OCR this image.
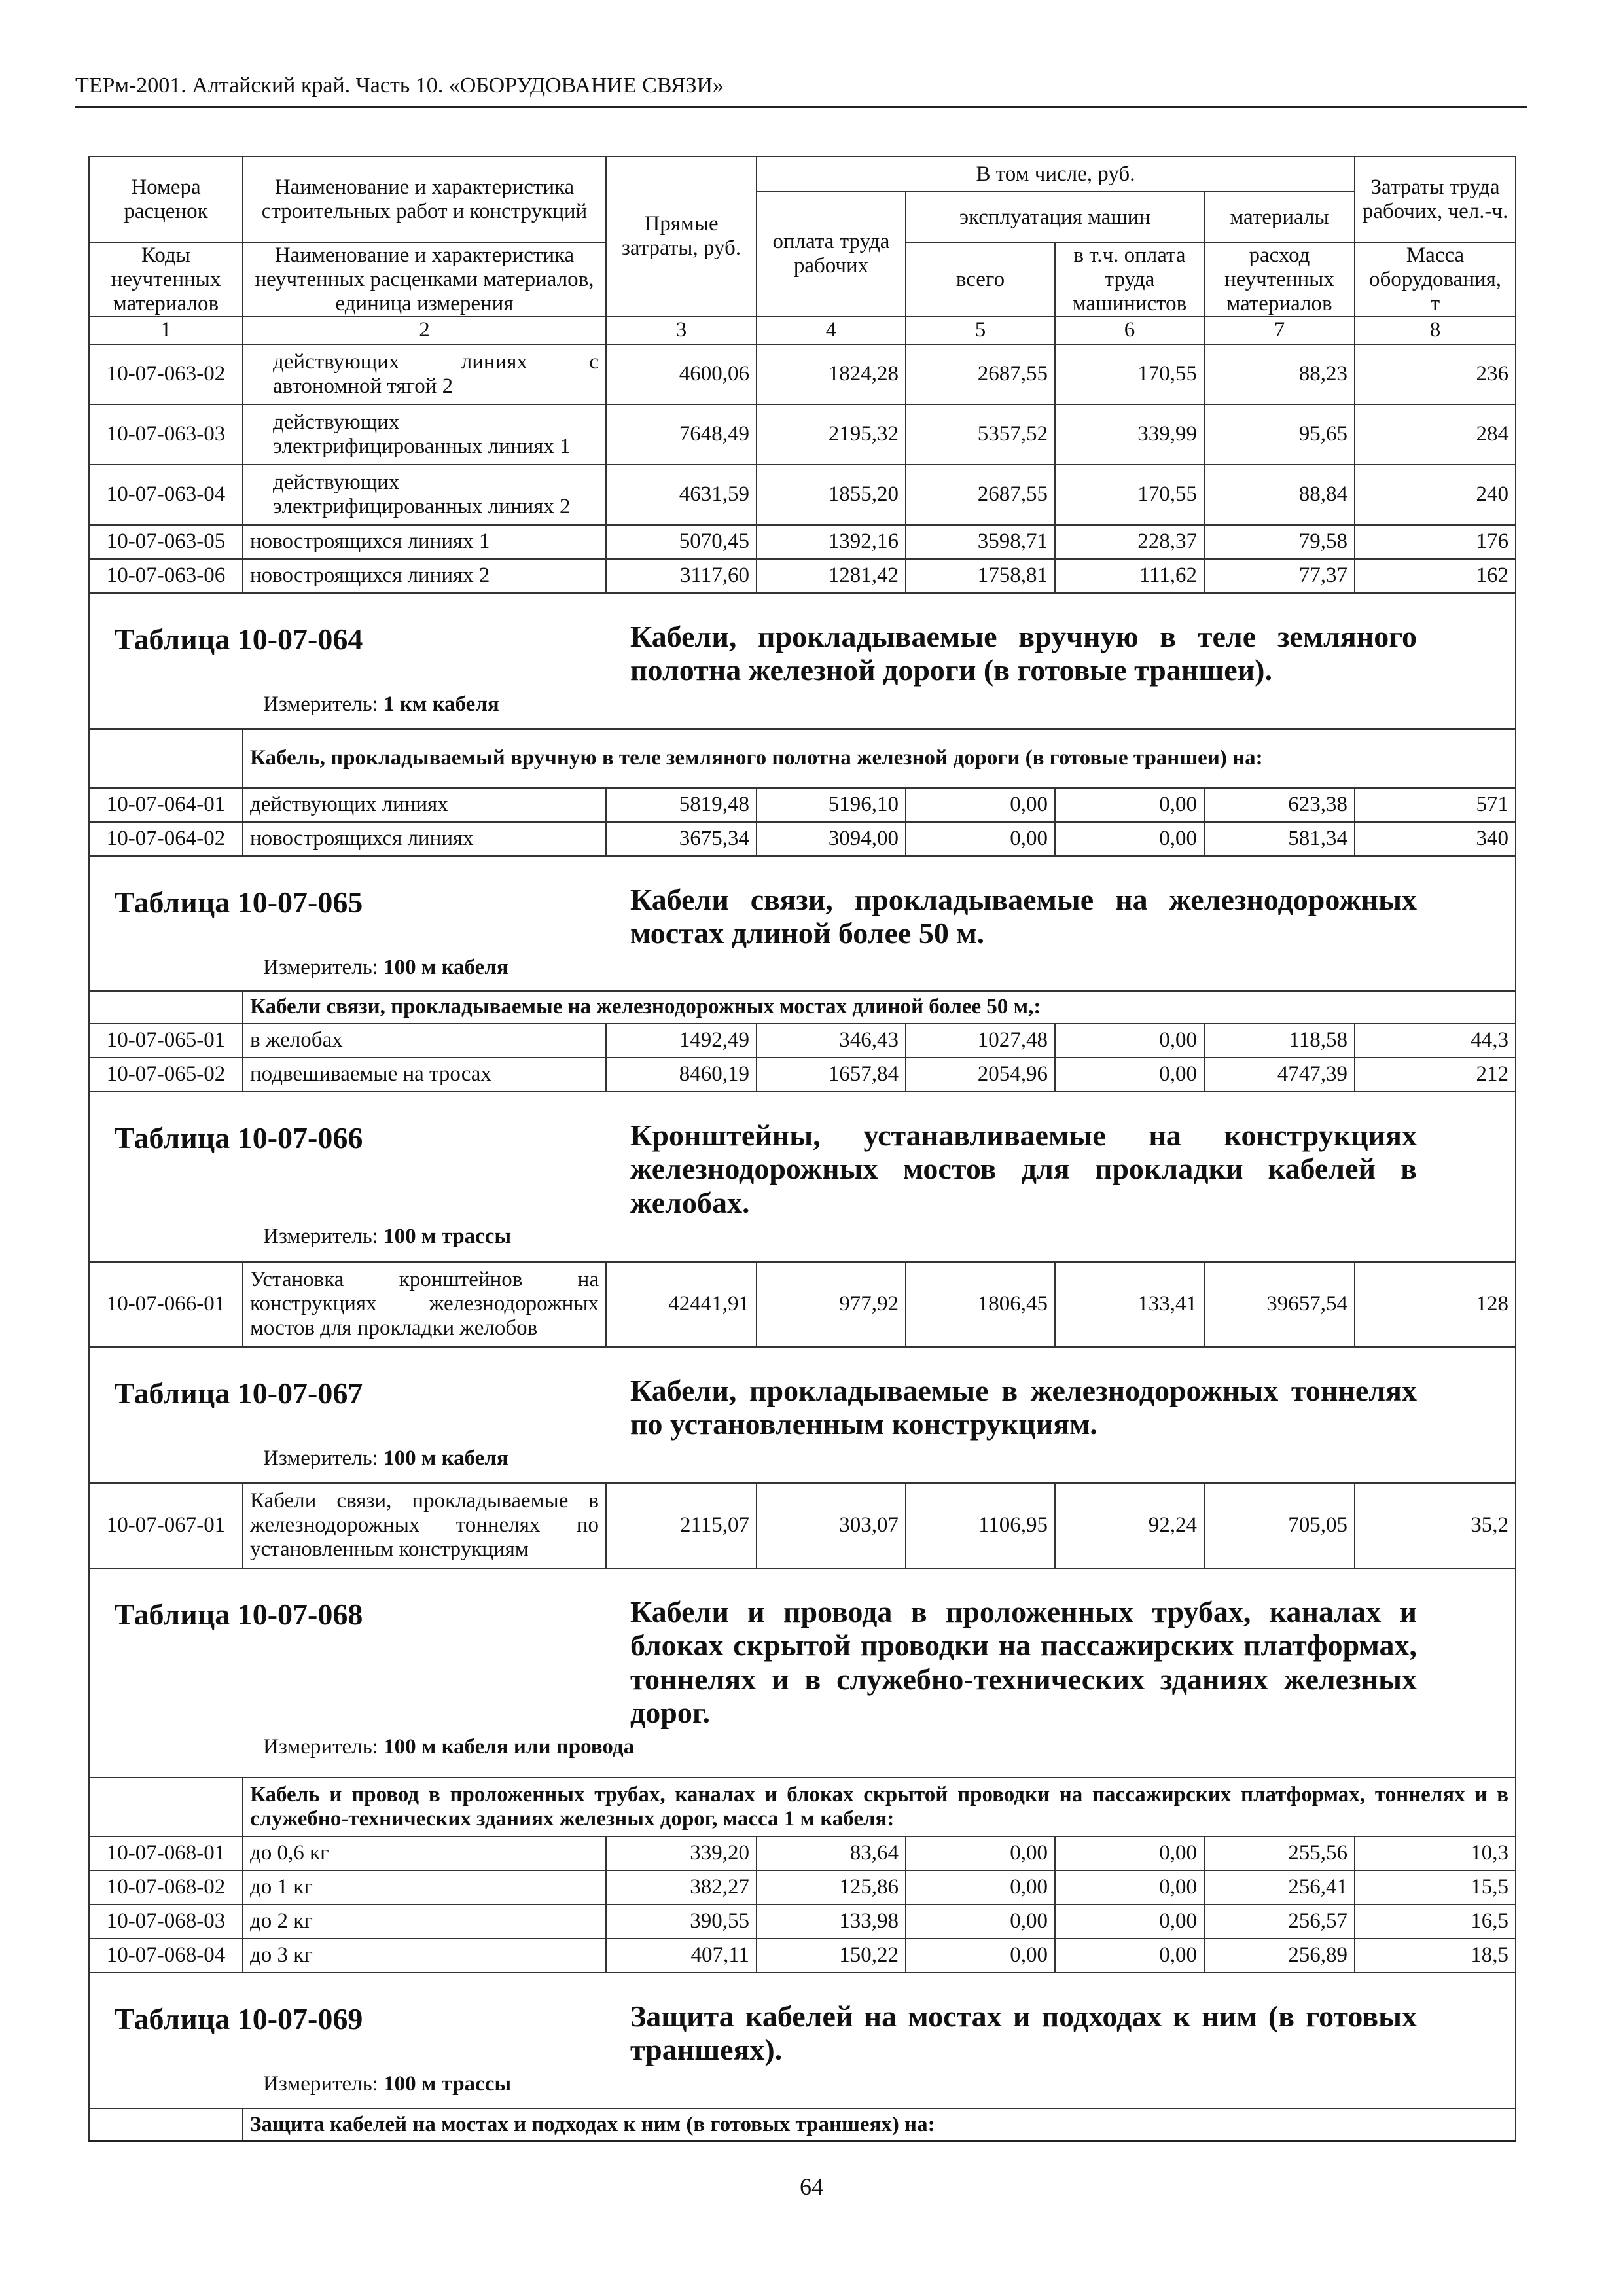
ТЕРм-2001. Алтайский край. Часть 10. «ОБОРУДОВАНИЕ СВЯЗИ»
Номера расценок	Наименование и характеристика строительных работ и конструкций	Прямые затраты, руб.	В том числе, руб.				Затраты труда рабочих, чел.-ч.
			оплата труда рабочих	эксплуатация машин		материалы	
Коды неучтенных материалов	Наименование и характеристика неучтенных расценками материалов, единица измерения			всего	в т.ч. оплата труда машинистов	расход неучтенных материалов	Масса оборудования, т
1	2	3	4	5	6	7	8
10-07-063-02	действующих линиях с автономной тягой 2	4600,06	1824,28	2687,55	170,55	88,23	236
10-07-063-03	действующих электрифицированных линиях 1	7648,49	2195,32	5357,52	339,99	95,65	284
10-07-063-04	действующих электрифицированных линиях 2	4631,59	1855,20	2687,55	170,55	88,84	240
10-07-063-05	новостроящихся линиях 1	5070,45	1392,16	3598,71	228,37	79,58	176
10-07-063-06	новостроящихся линиях 2	3117,60	1281,42	1758,81	111,62	77,37	162

Таблица 10-07-064 Кабели, прокладываемые вручную в теле земляного полотна железной дороги (в готовые траншеи).
Измеритель: 1 км кабеля							

	Кабель, прокладываемый вручную в теле земляного полотна железной дороги (в готовые траншеи) на:						
10-07-064-01	действующих линиях	5819,48	5196,10	0,00	0,00	623,38	571
10-07-064-02	новостроящихся линиях	3675,34	3094,00	0,00	0,00	581,34	340

Таблица 10-07-065 Кабели связи, прокладываемые на железнодорожных мостах длиной более 50 м.
Измеритель: 100 м кабеля							

	Кабели связи, прокладываемые на железнодорожных мостах длиной более 50 м,:						
10-07-065-01	в желобах	1492,49	346,43	1027,48	0,00	118,58	44,3
10-07-065-02	подвешиваемые на тросах	8460,19	1657,84	2054,96	0,00	4747,39	212

Таблица 10-07-066 Кронштейны, устанавливаемые на конструкциях железнодорожных мостов для прокладки кабелей в желобах.
Измеритель: 100 м трассы							

10-07-066-01	Установка кронштейнов на конструкциях железнодорожных мостов для прокладки желобов	42441,91	977,92	1806,45	133,41	39657,54	128

Таблица 10-07-067 Кабели, прокладываемые в железнодорожных тоннелях по установленным конструкциям.
Измеритель: 100 м кабеля							

10-07-067-01	Кабели связи, прокладываемые в железнодорожных тоннелях по установленным конструкциям	2115,07	303,07	1106,95	92,24	705,05	35,2

Таблица 10-07-068 Кабели и провода в проложенных трубах, каналах и блоках скрытой проводки на пассажирских платформах, тоннелях и в служебно-технических зданиях железных дорог.
Измеритель: 100 м кабеля или провода							

	Кабель и провод в проложенных трубах, каналах и блоках скрытой проводки на пассажирских платформах, тоннелях и в служебно-технических зданиях железных дорог, масса 1 м кабеля:						
10-07-068-01	до 0,6 кг	339,20	83,64	0,00	0,00	255,56	10,3
10-07-068-02	до 1 кг	382,27	125,86	0,00	0,00	256,41	15,5
10-07-068-03	до 2 кг	390,55	133,98	0,00	0,00	256,57	16,5
10-07-068-04	до 3 кг	407,11	150,22	0,00	0,00	256,89	18,5

Таблица 10-07-069 Защита кабелей на мостах и подходах к ним (в готовых траншеях).
Измеритель: 100 м трассы							

	Защита кабелей на мостах и подходах к ним (в готовых траншеях) на:						
64
